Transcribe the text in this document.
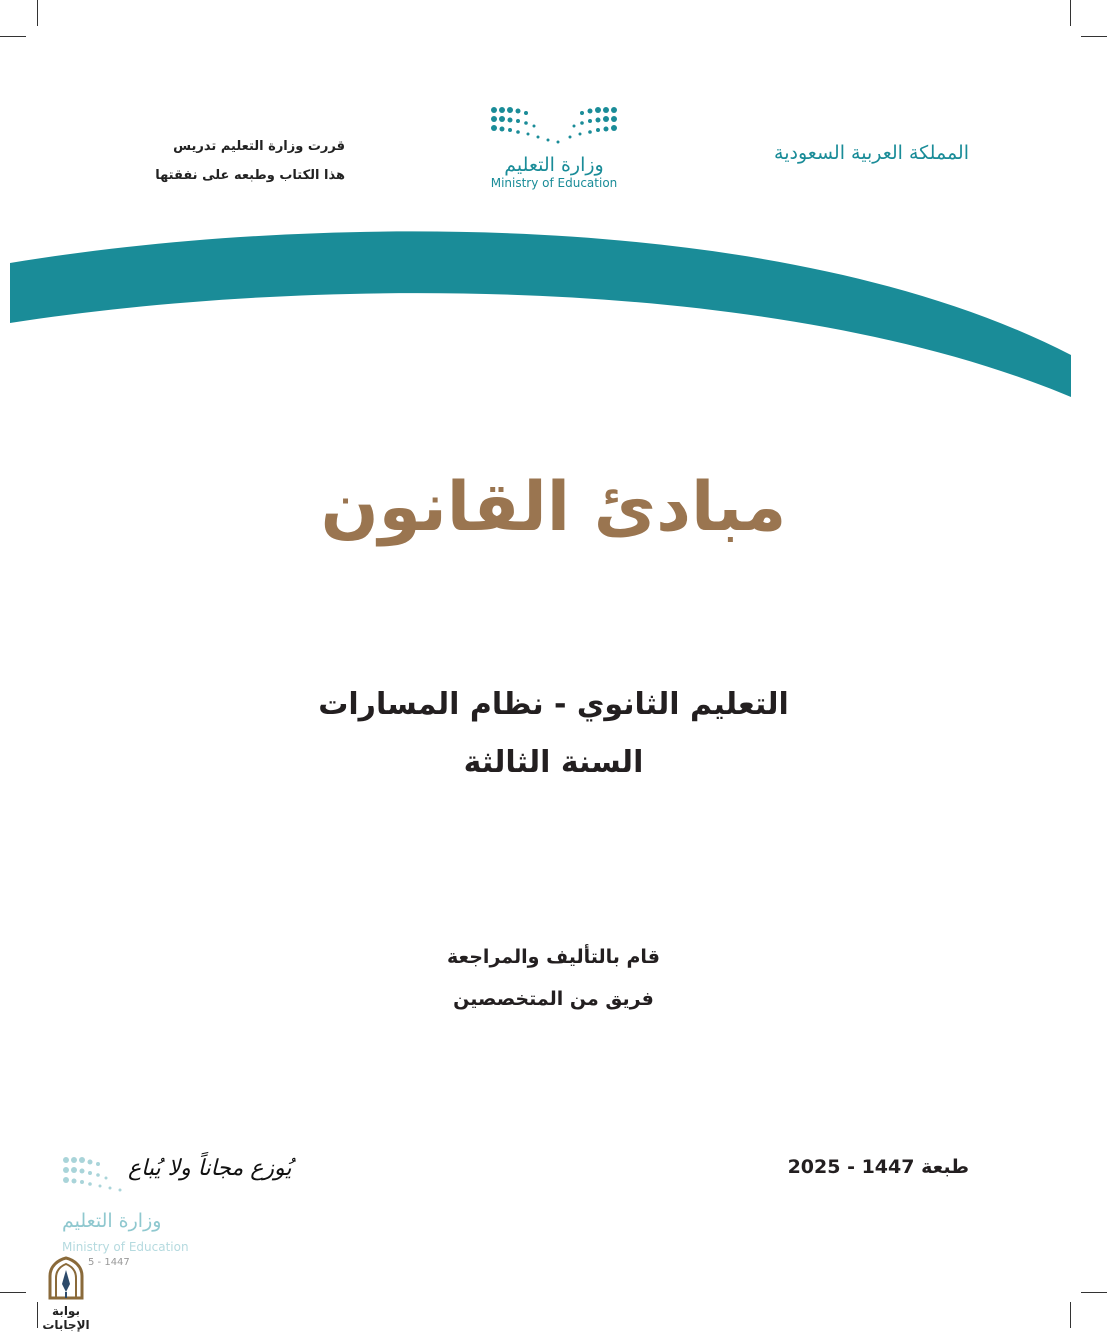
المملكة العربية السعودية
وزارة التعليم
Ministry of Education
قررت وزارة التعليم تدريس
هذا الكتاب وطبعه على نفقتها
مبادئ القانون
التعليم الثانوي - نظام المسارات
السنة الثالثة
قام بالتأليف والمراجعة
فريق من المتخصصين
طبعة 2025 - 1447
يُوزع مجاناً ولا يُباع
وزارة التعليم
Ministry of Education
5 - 1447
بوابة الإجابات
